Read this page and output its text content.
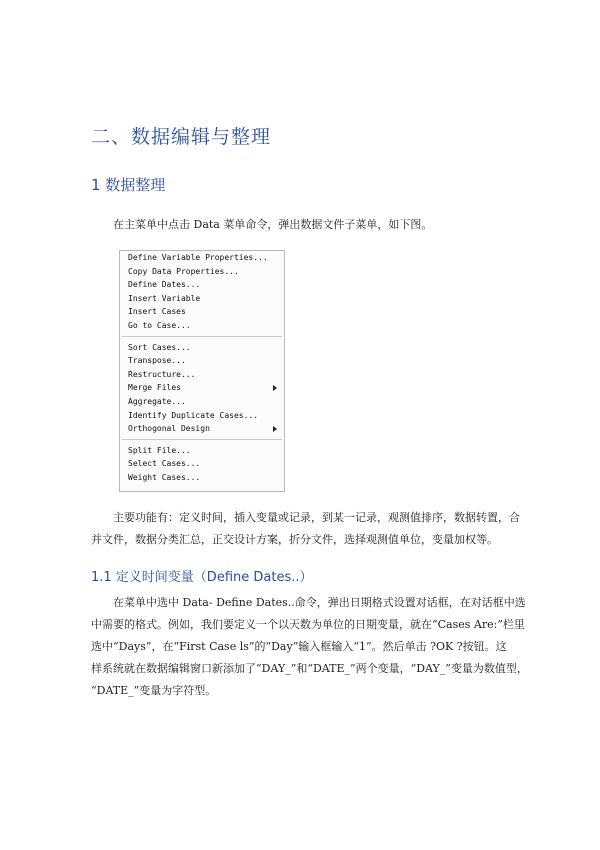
二、数据编辑与整理
1 数据整理
在主菜单中点击 Data 菜单命令，弹出数据文件子菜单，如下图。
Define Variable Properties...
Copy Data Properties...
Define Dates...
Insert Variable
Insert Cases
Go to Case...
Sort Cases...
Transpose...
Restructure...
Merge Files
Aggregate...
Identify Duplicate Cases...
Orthogonal Design
Split File...
Select Cases...
Weight Cases...
主要功能有：定义时间，插入变量或记录，到某一记录，观测值排序，数据转置，合
并文件，数据分类汇总，正交设计方案，折分文件，选择观测值单位，变量加权等。
1.1 定义时间变量（Define Dates..）
在菜单中选中 Data- Define Dates..命令，弹出日期格式设置对话框，在对话框中选
中需要的格式。例如，我们要定义一个以天数为单位的日期变量，就在“Cases Are:”栏里
选中“Days”，在“First Case ls”的“Day”输入框输入“1”。然后单击 ?OK ?按钮。这
样系统就在数据编辑窗口新添加了“DAY_”和“DATE_”两个变量，“DAY_”变量为数值型，
“DATE_”变量为字符型。
